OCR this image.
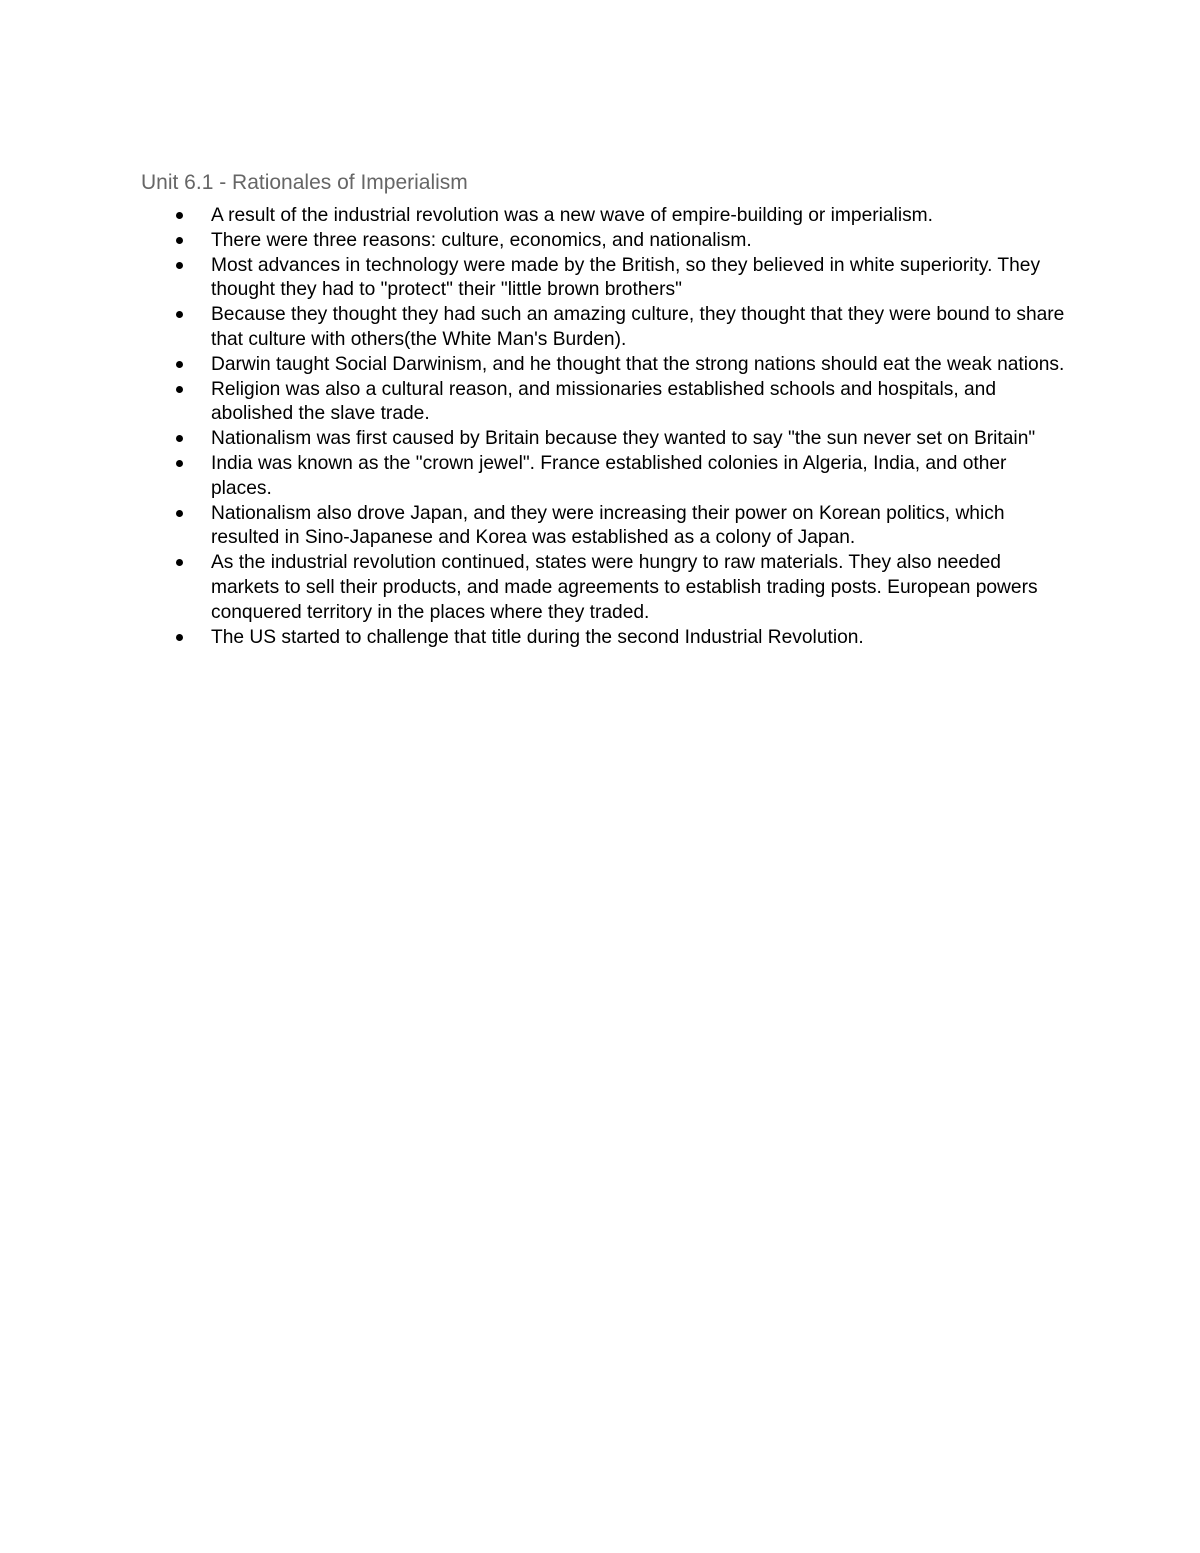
Unit 6.1 - Rationales of Imperialism
A result of the industrial revolution was a new wave of empire-building or imperialism.
There were three reasons: culture, economics, and nationalism.
Most advances in technology were made by the British, so they believed in white superiority. They thought they had to "protect" their "little brown brothers"
Because they thought they had such an amazing culture, they thought that they were bound to share that culture with others(the White Man's Burden).
Darwin taught Social Darwinism, and he thought that the strong nations should eat the weak nations.
Religion was also a cultural reason, and missionaries established schools and hospitals, and abolished the slave trade.
Nationalism was first caused by Britain because they wanted to say "the sun never set on Britain"
India was known as the "crown jewel". France established colonies in Algeria, India, and other places.
Nationalism also drove Japan, and they were increasing their power on Korean politics, which resulted in Sino-Japanese and Korea was established as a colony of Japan.
As the industrial revolution continued, states were hungry to raw materials. They also needed markets to sell their products, and made agreements to establish trading posts. European powers conquered territory in the places where they traded.
The US started to challenge that title during the second Industrial Revolution.
